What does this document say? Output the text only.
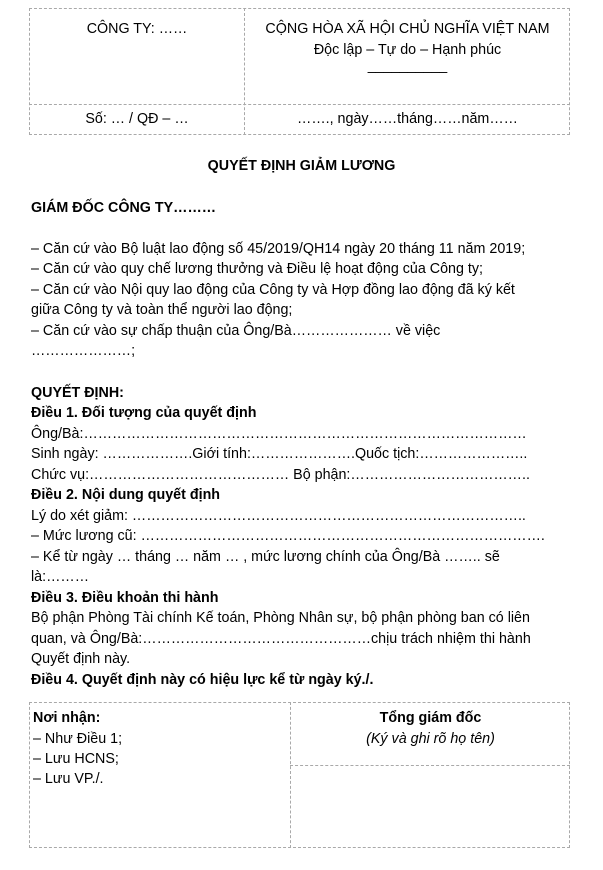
CÔNG TY: ……	CỘNG HÒA XÃ HỘI CHỦ NGHĨA VIỆT NAM
Độc lập – Tự do – Hạnh phúc
__________
Số: … / QĐ – …	……., ngày……tháng……năm……
QUYẾT ĐỊNH GIẢM LƯƠNG
GIÁM ĐỐC CÔNG TY………
– Căn cứ vào Bộ luật lao động số 45/2019/QH14 ngày 20 tháng 11 năm 2019;
– Căn cứ vào quy chế lương thưởng và Điều lệ hoạt động của Công ty;
– Căn cứ vào Nội quy lao động của Công ty và Hợp đồng lao động đã ký kết
giữa Công ty và toàn thể người lao động;
– Căn cứ vào sự chấp thuận của Ông/Bà………………… về việc
…………………;
QUYẾT ĐỊNH:
Điều 1. Đối tượng của quyết định
Ông/Bà:…………………………………………………………………………………
Sinh ngày: ……………….Giới tính:………………….Quốc tịch:…………………..
Chức vụ:…………………………………… Bộ phận:………………………………..
Điều 2. Nội dung quyết định
Lý do xét giảm: ………………………………………………………………………..
– Mức lương cũ: ………………………………………………………………………….
– Kể từ ngày … tháng … năm … , mức lương chính của Ông/Bà …….. sẽ
là:………
Điều 3. Điều khoản thi hành
Bộ phận Phòng Tài chính Kế toán, Phòng Nhân sự, bộ phận phòng ban có liên
quan, và Ông/Bà:…………………………………………chịu trách nhiệm thi hành
Quyết định này.
Điều 4. Quyết định này có hiệu lực kể từ ngày ký./.
Nơi nhận:
– Như Điều 1;
– Lưu HCNS;
– Lưu VP./.
Tổng giám đốc
(Ký và ghi rõ họ tên)
